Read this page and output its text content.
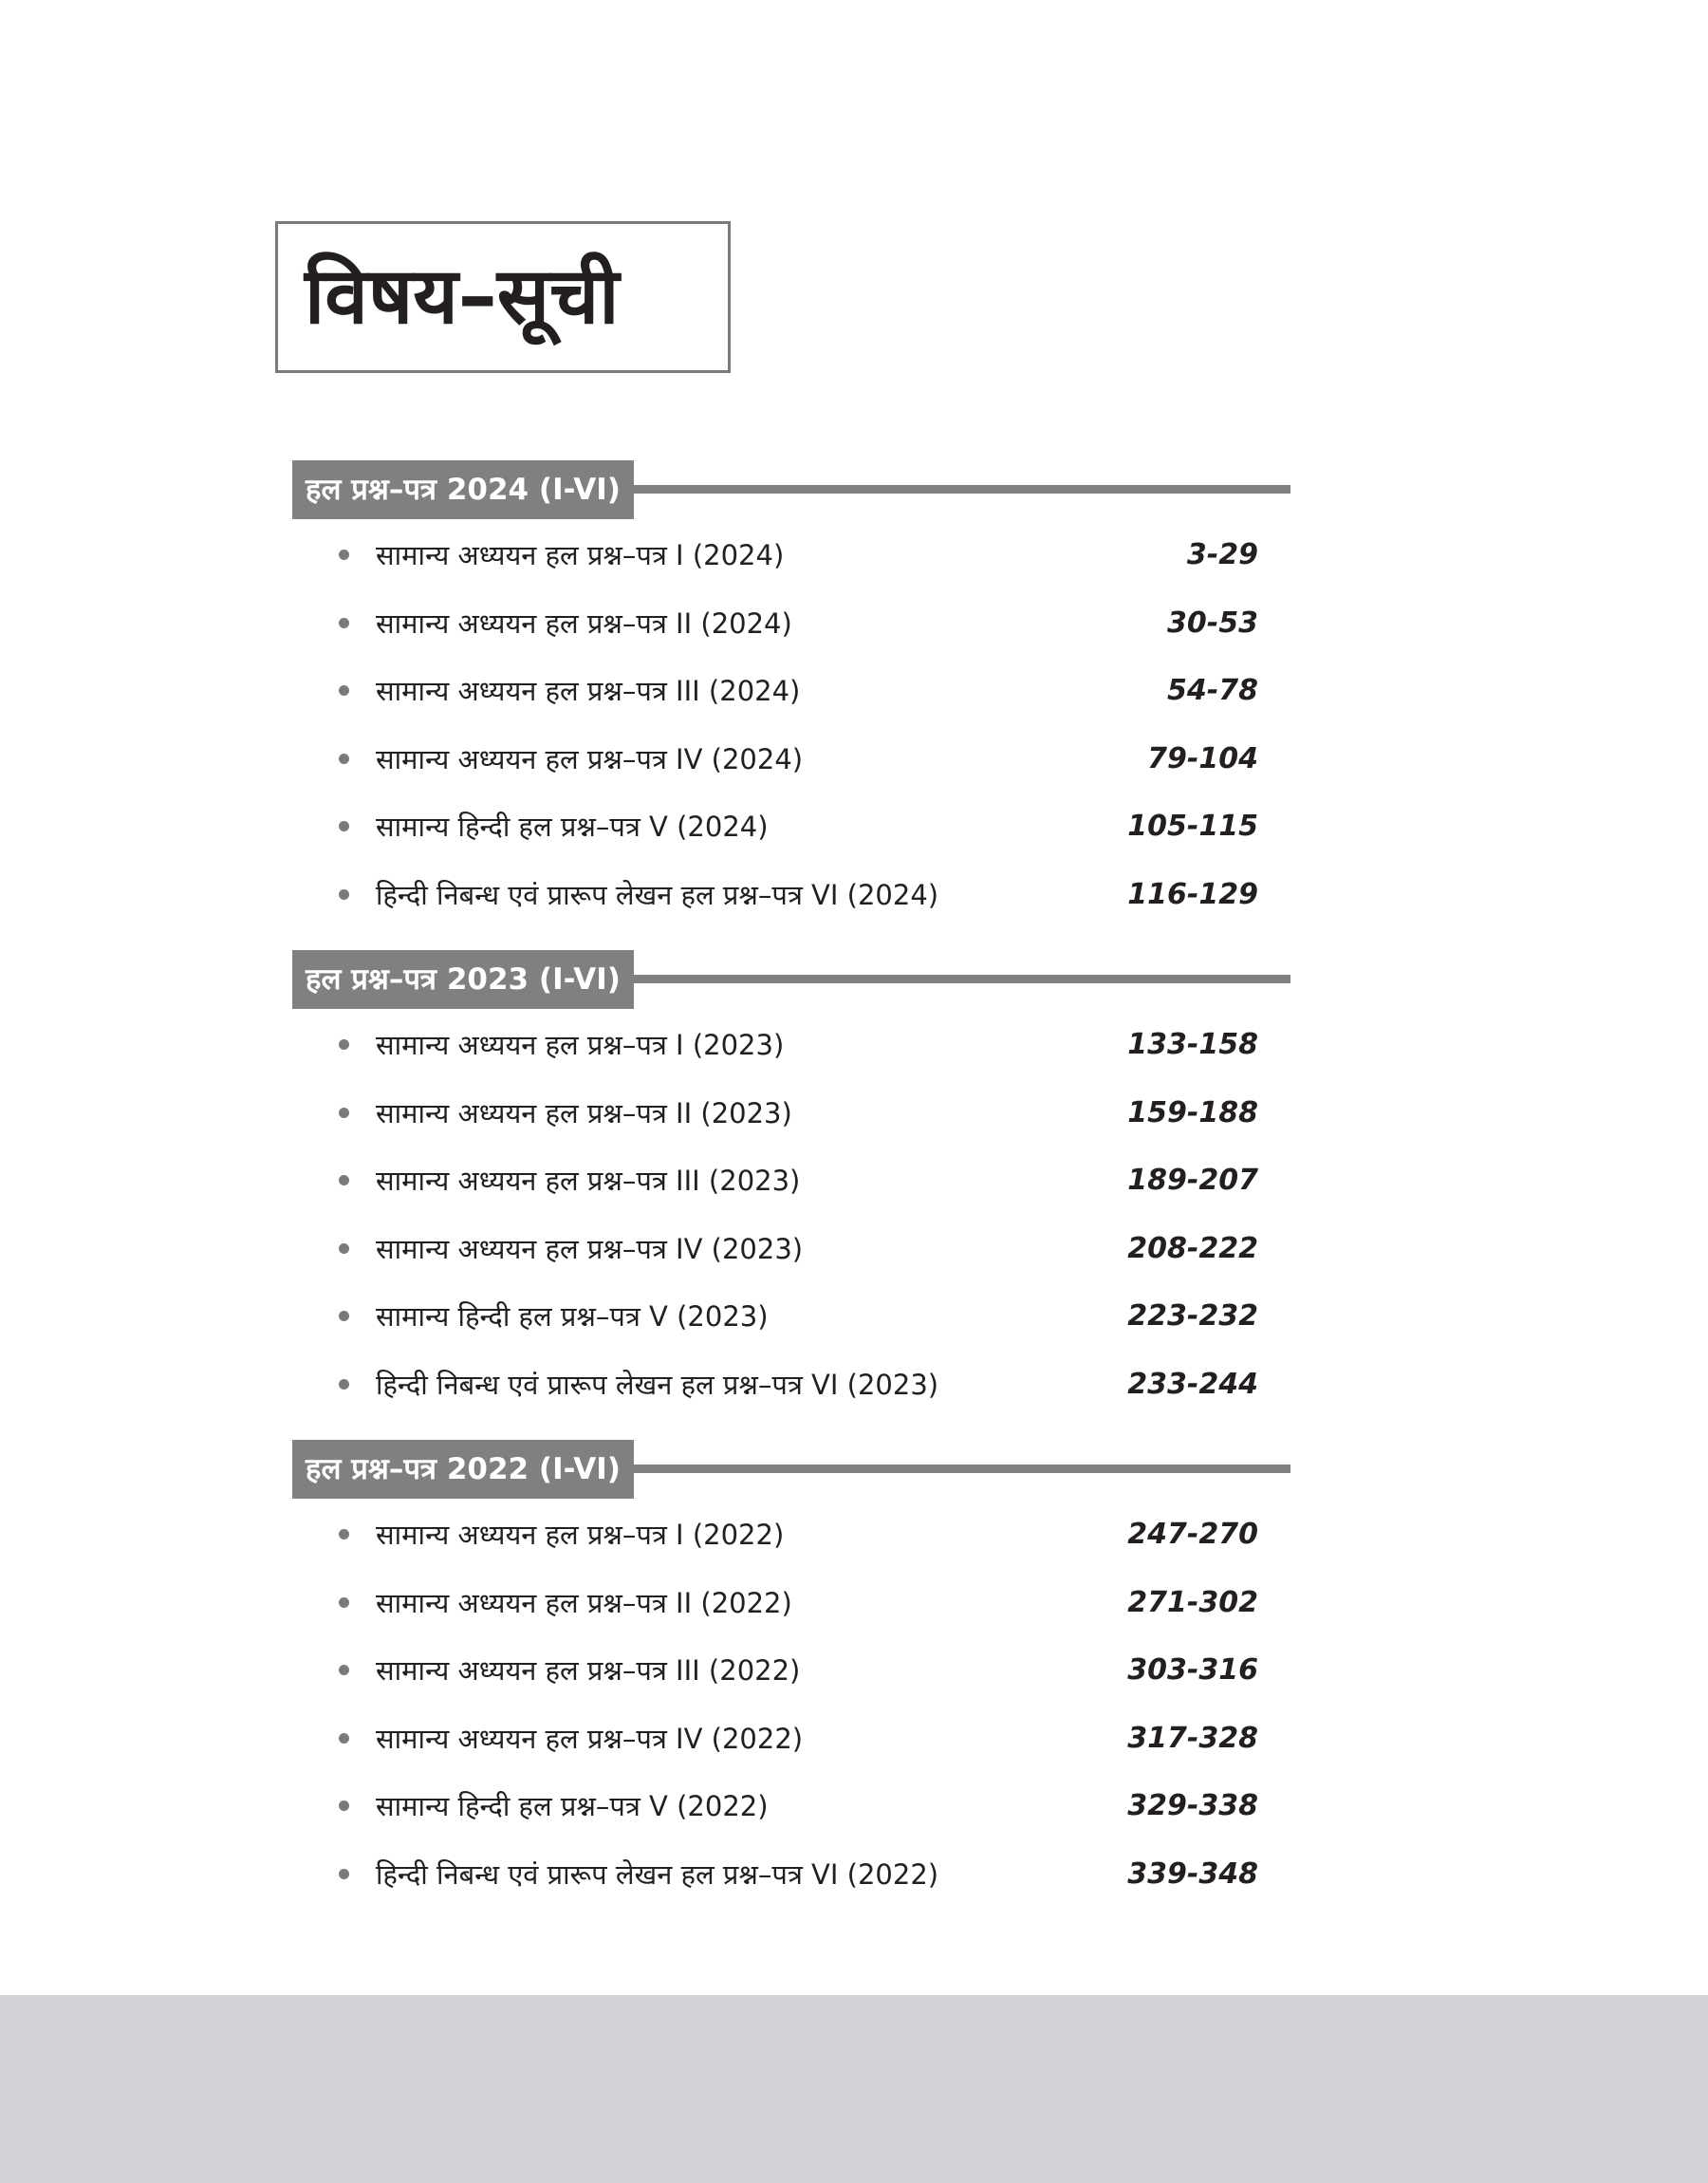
विषय–सूची
हल प्रश्न–पत्र 2024 (I-VI)
सामान्य अध्ययन हल प्रश्न–पत्र I (2024)	3-29
सामान्य अध्ययन हल प्रश्न–पत्र II (2024)	30-53
सामान्य अध्ययन हल प्रश्न–पत्र III (2024)	54-78
सामान्य अध्ययन हल प्रश्न–पत्र IV (2024)	79-104
सामान्य हिन्दी हल प्रश्न–पत्र V (2024)	105-115
हिन्दी निबन्ध एवं प्रारूप लेखन हल प्रश्न–पत्र VI (2024)	116-129
हल प्रश्न–पत्र 2023 (I-VI)
सामान्य अध्ययन हल प्रश्न–पत्र I (2023)	133-158
सामान्य अध्ययन हल प्रश्न–पत्र II (2023)	159-188
सामान्य अध्ययन हल प्रश्न–पत्र III (2023)	189-207
सामान्य अध्ययन हल प्रश्न–पत्र IV (2023)	208-222
सामान्य हिन्दी हल प्रश्न–पत्र V (2023)	223-232
हिन्दी निबन्ध एवं प्रारूप लेखन हल प्रश्न–पत्र VI (2023)	233-244
हल प्रश्न–पत्र 2022 (I-VI)
सामान्य अध्ययन हल प्रश्न–पत्र I (2022)	247-270
सामान्य अध्ययन हल प्रश्न–पत्र II (2022)	271-302
सामान्य अध्ययन हल प्रश्न–पत्र III (2022)	303-316
सामान्य अध्ययन हल प्रश्न–पत्र IV (2022)	317-328
सामान्य हिन्दी हल प्रश्न–पत्र V (2022)	329-338
हिन्दी निबन्ध एवं प्रारूप लेखन हल प्रश्न–पत्र VI (2022)	339-348
